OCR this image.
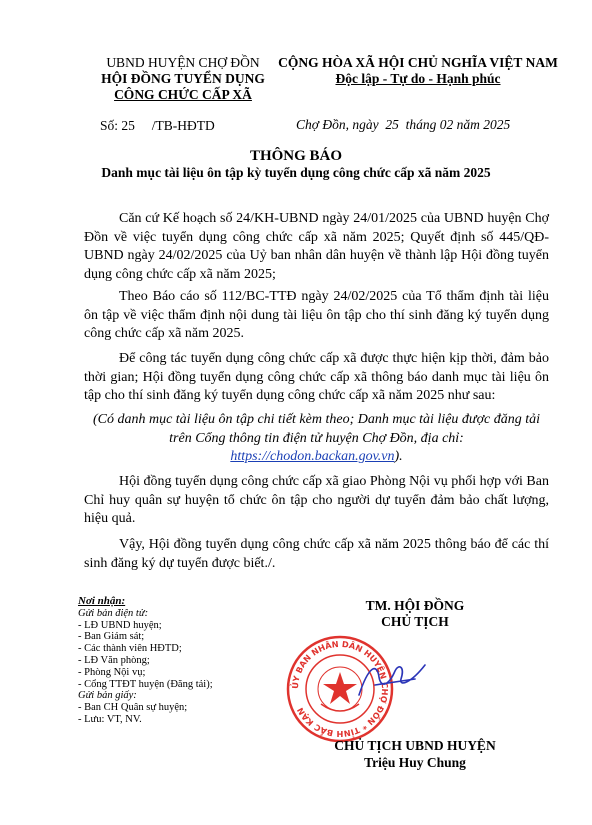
UBND HUYỆN CHỢ ĐỒN
HỘI ĐỒNG TUYỂN DỤNG
CÔNG CHỨC CẤP XÃ
CỘNG HÒA XÃ HỘI CHỦ NGHĨA VIỆT NAM
Độc lập - Tự do - Hạnh phúc
Số: 25     /TB-HĐTD	Chợ Đồn, ngày  25  tháng 02 năm 2025
THÔNG BÁO
Danh mục tài liệu ôn tập kỳ tuyển dụng công chức cấp xã năm 2025
Căn cứ Kế hoạch số 24/KH-UBND ngày 24/01/2025 của UBND huyện Chợ Đồn về việc tuyển dụng công chức cấp xã năm 2025; Quyết định số 445/QĐ-UBND ngày 24/02/2025 của Uỷ ban nhân dân huyện về thành lập Hội đồng tuyển dụng công chức cấp xã năm 2025;
Theo Báo cáo số 112/BC-TTĐ ngày 24/02/2025 của Tổ thẩm định tài liệu ôn tập về việc thẩm định nội dung tài liệu ôn tập cho thí sinh đăng ký tuyển dụng công chức cấp xã năm 2025.
Để công tác tuyển dụng công chức cấp xã được thực hiện kịp thời, đảm bảo thời gian; Hội đồng tuyển dụng công chức cấp xã thông báo danh mục tài liệu ôn tập cho thí sinh đăng ký tuyển dụng công chức cấp xã năm 2025 như sau:
(Có danh mục tài liệu ôn tập chi tiết kèm theo; Danh mục tài liệu được đăng tải trên Cổng thông tin điện tử huyện Chợ Đồn, địa chỉ: https://chodon.backan.gov.vn).
Hội đồng tuyển dụng công chức cấp xã giao Phòng Nội vụ phối hợp với Ban Chỉ huy quân sự huyện tổ chức ôn tập cho người dự tuyển đảm bảo chất lượng, hiệu quả.
Vậy, Hội đồng tuyển dụng công chức cấp xã năm 2025 thông báo để các thí sinh đăng ký dự tuyển được biết./.
Nơi nhận:
Gửi bản điện tử:
- LĐ UBND huyện;
- Ban Giám sát;
- Các thành viên HĐTD;
- LĐ Văn phòng;
- Phòng Nội vụ;
- Cổng TTĐT huyện (Đăng tải);
Gửi bản giấy:
- Ban CH Quân sự huyện;
- Lưu: VT, NV.
TM. HỘI ĐỒNG
CHỦ TỊCH
ỦY BAN NHÂN DÂN HUYỆN CHỢ ĐỒN * TỈNH BẮC KẠN
CHỦ TỊCH UBND HUYỆN
Triệu Huy Chung
